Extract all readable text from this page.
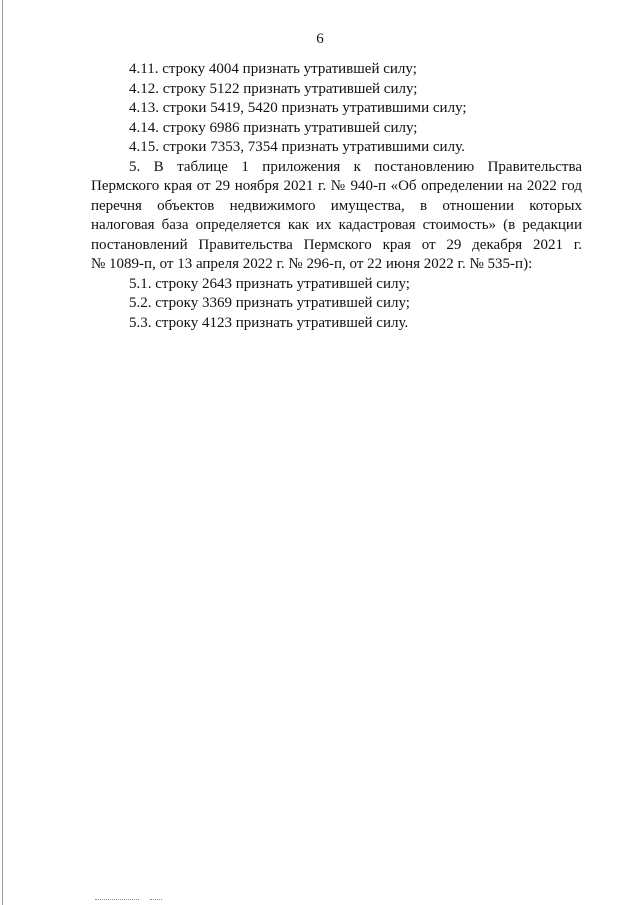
6

4.11. строку 4004 признать утратившей силу;

4.12. строку 5122 признать утратившей силу;

4.13. строки 5419, 5420 признать утратившими силу;

4.14. строку 6986 признать утратившей силу;

4.15. строки 7353, 7354 признать утратившими силу.

5. В таблице 1 приложения к постановлению Правительства

Пермского края от 29 ноября 2021 г. № 940-п «Об определении на 2022 год

перечня объектов недвижимого имущества, в отношении которых

налоговая база определяется как их кадастровая стоимость» (в редакции

постановлений Правительства Пермского края от 29 декабря 2021 г.

№ 1089-п, от 13 апреля 2022 г. № 296-п, от 22 июня 2022 г. № 535-п):

5.1. строку 2643 признать утратившей силу;

5.2. строку 3369 признать утратившей силу;

5.3. строку 4123 признать утратившей силу.
